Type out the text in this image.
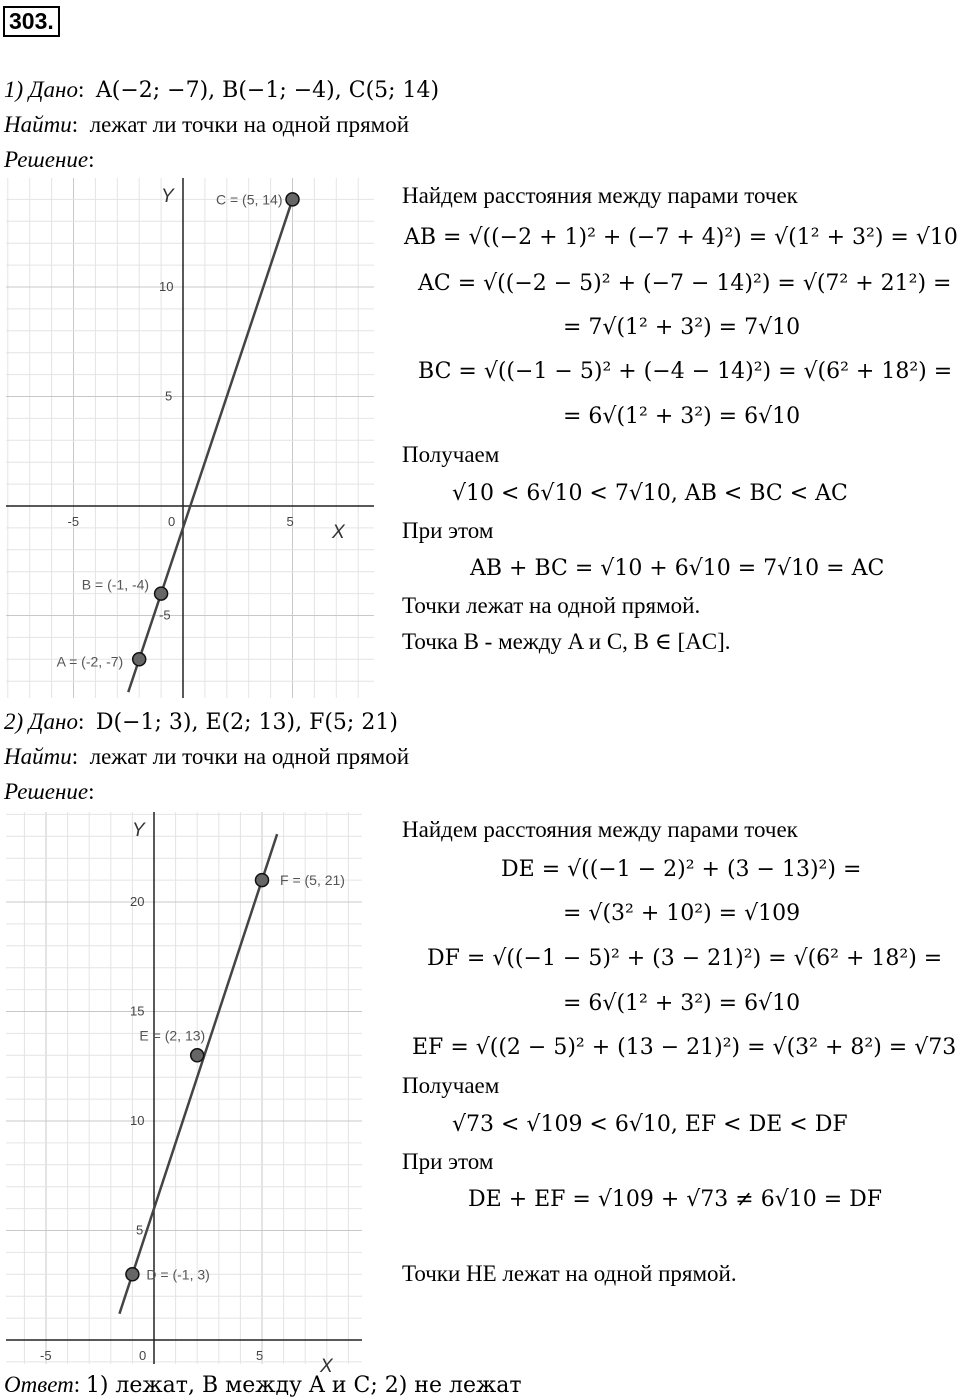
303.
1) Дано:  A(−2; −7), B(−1; −4), C(5; 14)
Найти:  лежат ли точки на одной прямой
Решение:
X
Y
-5	0	5
10
5
-5
C = (5, 14)
B = (-1, -4)
A = (-2, -7)
Найдем расстояния между парами точек
AB = √((−2 + 1)² + (−7 + 4)²) = √(1² + 3²) = √10
AC = √((−2 − 5)² + (−7 − 14)²) = √(7² + 21²) =
= 7√(1² + 3²) = 7√10
BC = √((−1 − 5)² + (−4 − 14)²) = √(6² + 18²) =
= 6√(1² + 3²) = 6√10
Получаем
√10 < 6√10 < 7√10, AB < BC < AC
При этом
AB + BC = √10 + 6√10 = 7√10 = AC
Точки лежат на одной прямой.
Точка B - между A и C, B ∈ [AC].
2) Дано:  D(−1; 3), E(2; 13), F(5; 21)
Найти:  лежат ли точки на одной прямой
Решение:
X
Y
-5	0	5
20
15
10
5
F = (5, 21)
E = (2, 13)
D = (-1, 3)
Найдем расстояния между парами точек
DE = √((−1 − 2)² + (3 − 13)²) =
= √(3² + 10²) = √109
DF = √((−1 − 5)² + (3 − 21)²) = √(6² + 18²) =
= 6√(1² + 3²) = 6√10
EF = √((2 − 5)² + (13 − 21)²) = √(3² + 8²) = √73
Получаем
√73 < √109 < 6√10, EF < DE < DF
При этом
DE + EF = √109 + √73 ≠ 6√10 = DF
Точки НЕ лежат на одной прямой.
Ответ: 1) лежат, B между A и C; 2) не лежат
